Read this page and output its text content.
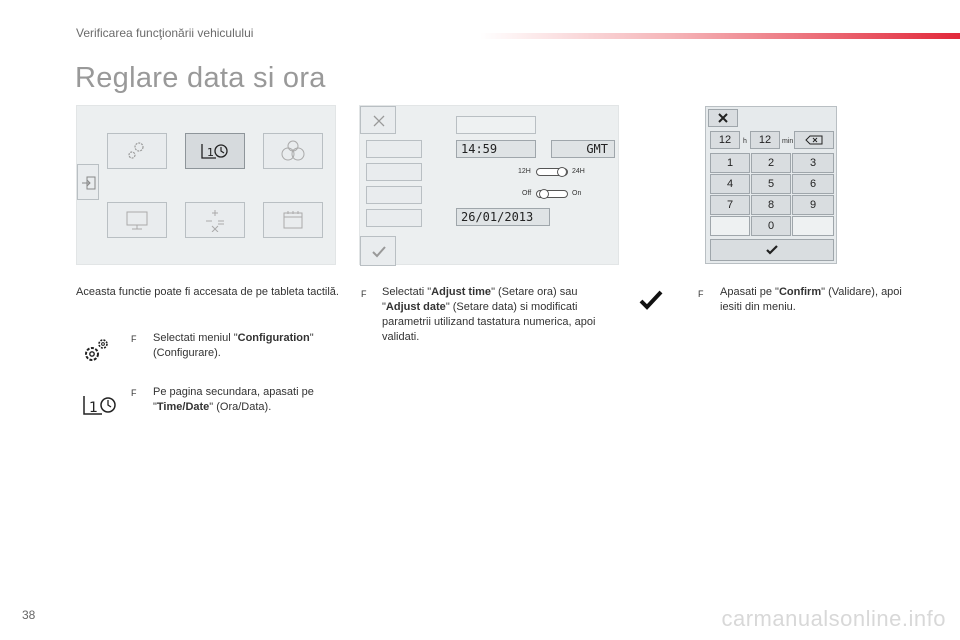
Verificarea funcţionării vehiculului
Reglare data si ora
1	14:59	GMT
12H	24H
Off	On
26/01/2013
12	h	12	min
1	2	3
4	5	6
7	8	9
0
Aceasta functie poate fi accesata de pe tableta tactilă.
F Selectati meniul "Configuration" (Configurare).
1
F Pe pagina secundara, apasati pe "Time/Date" (Ora/Data).
F Selectati "Adjust time" (Setare ora) sau "Adjust date" (Setare data) si modificati parametrii utilizand tastatura numerica, apoi validati.
F Apasati pe "Confirm" (Validare), apoi iesiti din meniu.
38	carmanualsonline.info
